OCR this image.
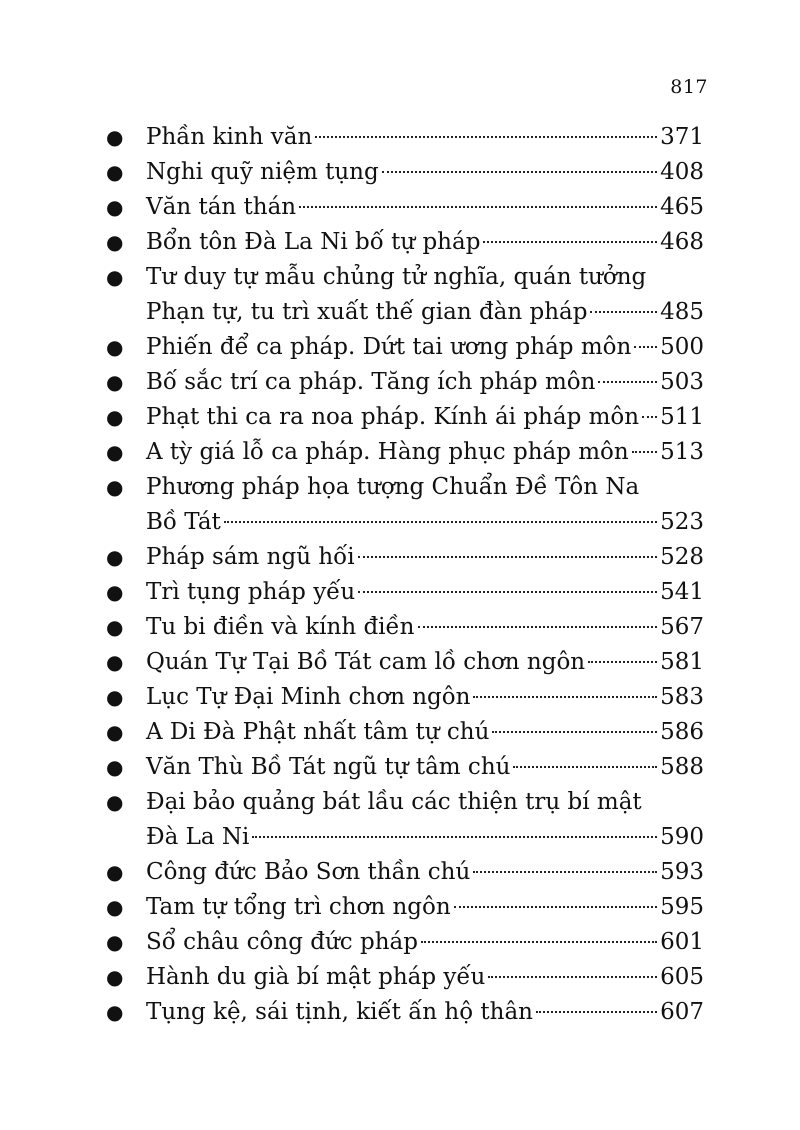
817
● Phần kinh văn	371
● Nghi quỹ niệm tụng	408
● Văn tán thán	465
● Bổn tôn Đà La Ni bố tự pháp	468
● Tư duy tự mẫu chủng tử nghĩa, quán tưởng
Phạn tự, tu trì xuất thế gian đàn pháp	485
● Phiến để ca pháp. Dứt tai ương pháp môn 500
● Bố sắc trí ca pháp. Tăng ích pháp môn	503
● Phạt thi ca ra noa pháp. Kính ái pháp môn 511
● A tỳ giá lỗ ca pháp. Hàng phục pháp môn 513
● Phương pháp họa tượng Chuẩn Đề Tôn Na
Bồ Tát	523
● Pháp sám ngũ hối	528
● Trì tụng pháp yếu	541
● Tu bi điền và kính điền	567
● Quán Tự Tại Bồ Tát cam lồ chơn ngôn	581
● Lục Tự Đại Minh chơn ngôn	583
● A Di Đà Phật nhất tâm tự chú	586
● Văn Thù Bồ Tát ngũ tự tâm chú	588
● Đại bảo quảng bát lầu các thiện trụ bí mật
Đà La Ni	590
● Công đức Bảo Sơn thần chú	593
● Tam tự tổng trì chơn ngôn	595
● Sổ châu công đức pháp	601
● Hành du già bí mật pháp yếu	605
● Tụng kệ, sái tịnh, kiết ấn hộ thân	607
